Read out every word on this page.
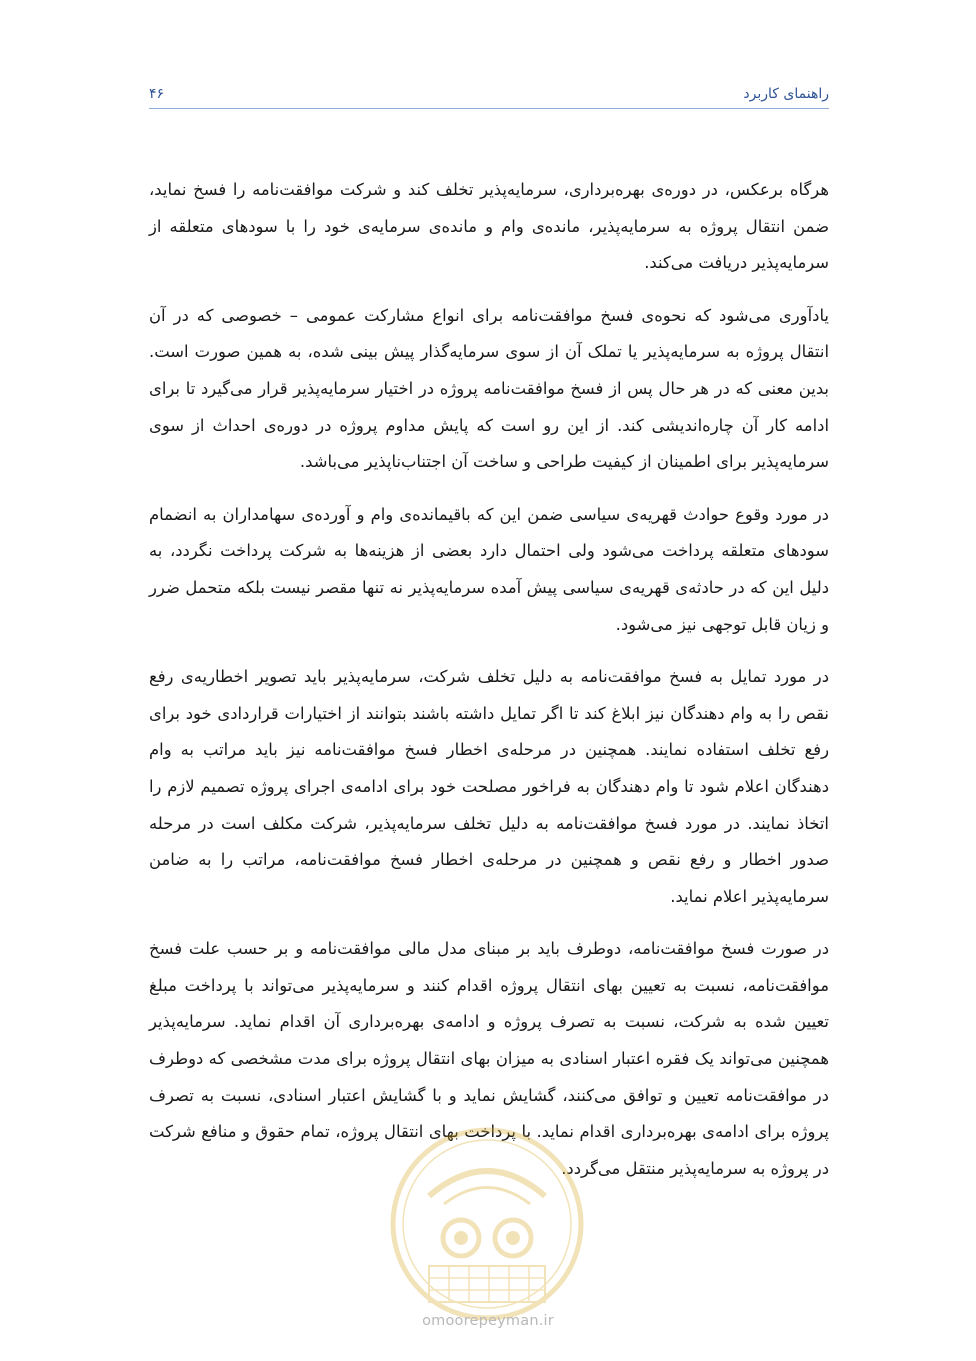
راهنمای کاربرد
۴۶

هرگاه برعکس، در دوره‌ی بهره‌برداری، سرمایه‌پذیر تخلف کند و شرکت موافقت‌نامه را فسخ نماید، ضمن انتقال پروژه به سرمایه‌پذیر، مانده‌ی وام و مانده‌ی سرمایه‌ی خود را با سودهای متعلقه از سرمایه‌پذیر دریافت می‌کند.

یادآوری می‌شود که نحوه‌ی فسخ موافقت‌نامه برای انواع مشارکت عمومی – خصوصی که در آن انتقال پروژه به سرمایه‌پذیر یا تملک آن از سوی سرمایه‌گذار پیش بینی شده، به همین صورت است. بدین معنی که در هر حال پس از فسخ موافقت‌نامه پروژه در اختیار سرمایه‌پذیر قرار می‌گیرد تا برای ادامه کار آن چاره‌اندیشی کند. از این رو است که پایش مداوم پروژه در دوره‌ی احداث از سوی سرمایه‌پذیر برای اطمینان از کیفیت طراحی و ساخت آن اجتناب‌ناپذیر می‌باشد.

در مورد وقوع حوادث قهریه‌ی سیاسی ضمن این که باقیمانده‌ی وام و آورده‌ی سهامداران به انضمام سودهای متعلقه پرداخت می‌شود ولی احتمال دارد بعضی از هزینه‌ها به شرکت پرداخت نگردد، به دلیل این که در حادثه‌ی قهریه‌ی سیاسی پیش آمده سرمایه‌پذیر نه تنها مقصر نیست بلکه متحمل ضرر و زیان قابل توجهی نیز می‌شود.

در مورد تمایل به فسخ موافقت‌نامه به دلیل تخلف شرکت، سرمایه‌پذیر باید تصویر اخطاریه‌ی رفع نقص را به وام دهندگان نیز ابلاغ کند تا اگر تمایل داشته باشند بتوانند از اختیارات قراردادی خود برای رفع تخلف استفاده نمایند. همچنین در مرحله‌ی اخطار فسخ موافقت‌نامه نیز باید مراتب به وام دهندگان اعلام شود تا وام دهندگان به فراخور مصلحت خود برای ادامه‌ی اجرای پروژه تصمیم لازم را اتخاذ نمایند. در مورد فسخ موافقت‌نامه به دلیل تخلف سرمایه‌پذیر، شرکت مکلف است در مرحله صدور اخطار و رفع نقص و همچنین در مرحله‌ی اخطار فسخ موافقت‌نامه، مراتب را به ضامن سرمایه‌پذیر اعلام نماید.

در صورت فسخ موافقت‌نامه، دوطرف باید بر مبنای مدل مالی موافقت‌نامه و بر حسب علت فسخ موافقت‌نامه، نسبت به تعیین بهای انتقال پروژه اقدام کنند و سرمایه‌پذیر می‌تواند با پرداخت مبلغ تعیین شده به شرکت، نسبت به تصرف پروژه و ادامه‌ی بهره‌برداری آن اقدام نماید. سرمایه‌پذیر همچنین می‌تواند یک فقره اعتبار اسنادی به میزان بهای انتقال پروژه برای مدت مشخصی که دوطرف در موافقت‌نامه تعیین و توافق می‌کنند، گشایش نماید و با گشایش اعتبار اسنادی، نسبت به تصرف پروژه برای ادامه‌ی بهره‌برداری اقدام نماید. با پرداخت بهای انتقال پروژه، تمام حقوق و منافع شرکت در پروژه به سرمایه‌پذیر منتقل می‌گردد.

omoorepeyman.ir
